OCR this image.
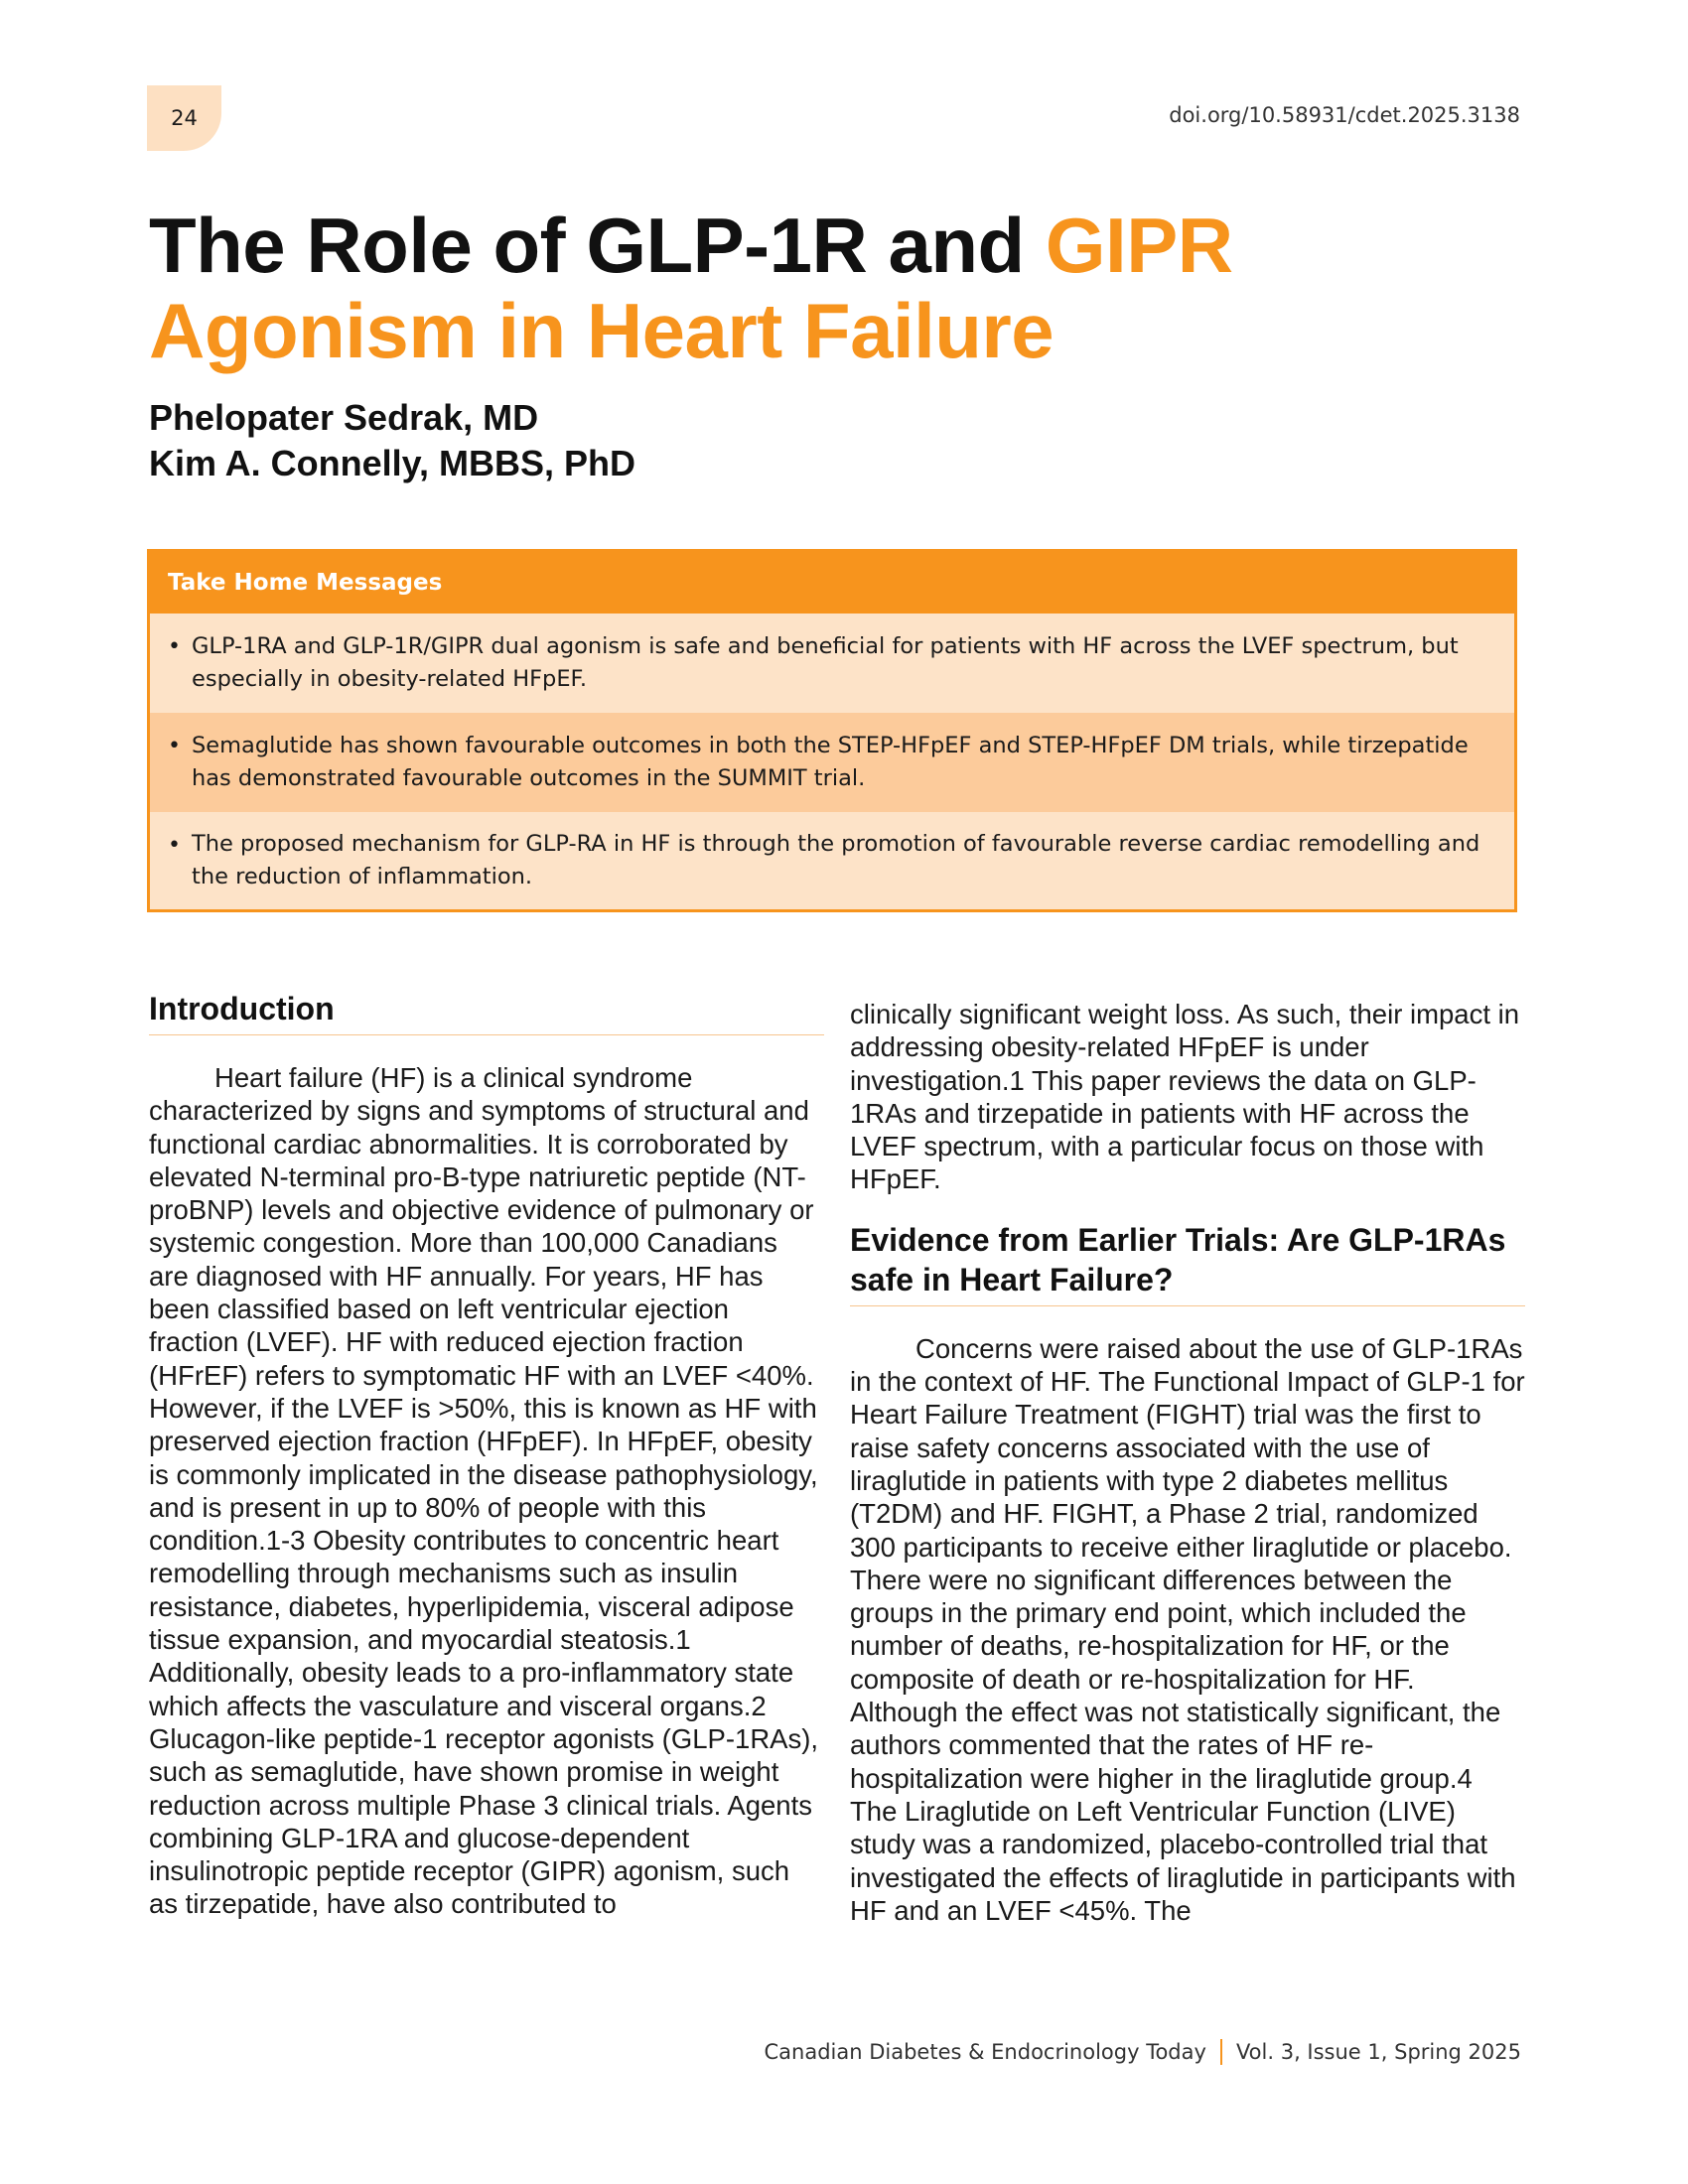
24	doi.org/10.58931/cdet.2025.3138
The Role of GLP-1R and GIPR
Agonism in Heart Failure
Phelopater Sedrak, MD
Kim A. Connelly, MBBS, PhD
Take Home Messages
• GLP-1RA and GLP-1R/GIPR dual agonism is safe and beneficial for patients with HF across the LVEF spectrum, but especially in obesity-related HFpEF.
• Semaglutide has shown favourable outcomes in both the STEP-HFpEF and STEP-HFpEF DM trials, while tirzepatide has demonstrated favourable outcomes in the SUMMIT trial.
• The proposed mechanism for GLP-RA in HF is through the promotion of favourable reverse cardiac remodelling and the reduction of inflammation.
Introduction

Heart failure (HF) is a clinical syndrome characterized by signs and symptoms of structural and functional cardiac abnormalities. It is corroborated by elevated N-terminal pro-B-type natriuretic peptide (NT-proBNP) levels and objective evidence of pulmonary or systemic congestion. More than 100,000 Canadians are diagnosed with HF annually. For years, HF has been classified based on left ventricular ejection fraction (LVEF). HF with reduced ejection fraction (HFrEF) refers to symptomatic HF with an LVEF <40%. However, if the LVEF is >50%, this is known as HF with preserved ejection fraction (HFpEF). In HFpEF, obesity is commonly implicated in the disease pathophysiology, and is present in up to 80% of people with this condition.1-3 Obesity contributes to concentric heart remodelling through mechanisms such as insulin resistance, diabetes, hyperlipidemia, visceral adipose tissue expansion, and myocardial steatosis.1 Additionally, obesity leads to a pro-inflammatory state which affects the vasculature and visceral organs.2 Glucagon-like peptide-1 receptor agonists (GLP-1RAs), such as semaglutide, have shown promise in weight reduction across multiple Phase 3 clinical trials. Agents combining GLP-1RA and glucose-dependent insulinotropic peptide receptor (GIPR) agonism, such as tirzepatide, have also contributed to

clinically significant weight loss. As such, their impact in addressing obesity-related HFpEF is under investigation.1 This paper reviews the data on GLP-1RAs and tirzepatide in patients with HF across the LVEF spectrum, with a particular focus on those with HFpEF.

Evidence from Earlier Trials: Are GLP-1RAs safe in Heart Failure?

Concerns were raised about the use of GLP-1RAs in the context of HF. The Functional Impact of GLP-1 for Heart Failure Treatment (FIGHT) trial was the first to raise safety concerns associated with the use of liraglutide in patients with type 2 diabetes mellitus (T2DM) and HF. FIGHT, a Phase 2 trial, randomized 300 participants to receive either liraglutide or placebo. There were no significant differences between the groups in the primary end point, which included the number of deaths, re-hospitalization for HF, or the composite of death or re-hospitalization for HF. Although the effect was not statistically significant, the authors commented that the rates of HF re-hospitalization were higher in the liraglutide group.4 The Liraglutide on Left Ventricular Function (LIVE) study was a randomized, placebo-controlled trial that investigated the effects of liraglutide in participants with HF and an LVEF <45%. The

Canadian Diabetes & Endocrinology Today Vol. 3, Issue 1, Spring 2025
